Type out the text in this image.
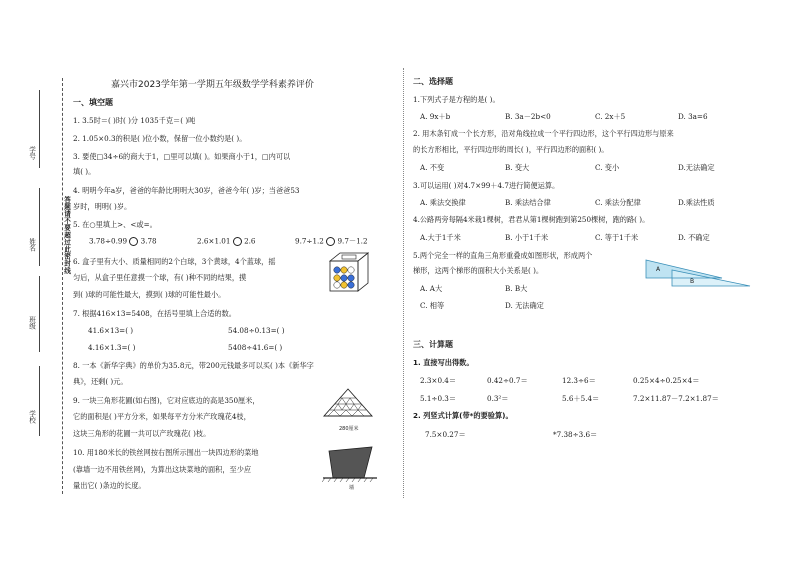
答题请不要超过此密封线
学号
姓名
班级
学校
嘉兴市2023学年第一学期五年级数学学科素养评价
一、填空题
1. 3.5时＝( )时( )分 1035千克＝( )吨
2. 1.05×0.3的积是( )位小数，保留一位小数约是( )。
3. 要使□34÷6的商大于1，□里可以填( )。如果商小于1，□内可以
填( )。
4. 明明今年a岁，爸爸的年龄比明明大30岁，爸爸今年( )岁；当爸爸53
岁时，明明( )岁。
5. 在○里填上>、<或=。
3.78÷0.99 3.78	2.6×1.01 2.6	9.7÷1.2 9.7－1.2
6. 盒子里有大小、质量相同的2个白球，3个黄球，4个蓝球，摇
匀后，从盒子里任意摸一个球，有( )种不同的结果，摸
到( )球的可能性最大，摸到( )球的可能性最小。
7. 根据416×13=5408，在括号里填上合适的数。
41.6×13=( )	54.08÷0.13=( )
4.16×1.3=( )	5408÷41.6=( )
8. 一本《新华字典》的单价为35.8元，带200元钱最多可以买( )本《新华字
典》，还剩( )元。
9. 一块三角形花圃(如右图)，它对应底边的高是350厘米，
它的面积是( )平方分米，如果每平方分米产玫瑰花4枝，
这块三角形的花圃一共可以产玫瑰花( )枝。	280厘米
10. 用180米长的铁丝网按右图所示围出一块四边形的菜地
(靠墙一边不用铁丝网)，为算出这块菜地的面积，至少应
量出它( )条边的长度。	墙
二、选择题
1.下列式子是方程的是( )。
A. 9x＋b	B. 3a－2b<0	C. 2x＋5	D. 3a=6
2. 用木条钉成一个长方形，沿对角线拉成一个平行四边形，这个平行四边形与原来
的长方形相比，平行四边形的周长( )，平行四边形的面积( )。
A. 不变	B. 变大	C. 变小	D.无法确定
3.可以运用( )对4.7×99＋4.7进行简便运算。
A. 乘法交换律	B. 乘法结合律	C. 乘法分配律	D.乘法性质
4.公路两旁每隔4米栽1棵树，君君从第1棵树跑到第250棵树，跑的路( )。
A.大于1千米	B. 小于1千米	C. 等于1千米	D. 不确定
5.两个完全一样的直角三角形重叠成如图形状，形成两个
梯形，这两个梯形的面积大小关系是( )。
A. A大	B. B大
C. 相等	D. 无法确定
A
B
三、计算题
1. 直接写出得数。
2.3×0.4＝	0.42÷0.7＝	12.3÷6＝	0.25×4÷0.25×4＝
5.1÷0.3＝	0.3²＝	5.6＋5.4＝	7.2×11.87－7.2×1.87＝
2. 列竖式计算(带*的要验算)。
7.5×0.27＝	*7.38÷3.6＝
